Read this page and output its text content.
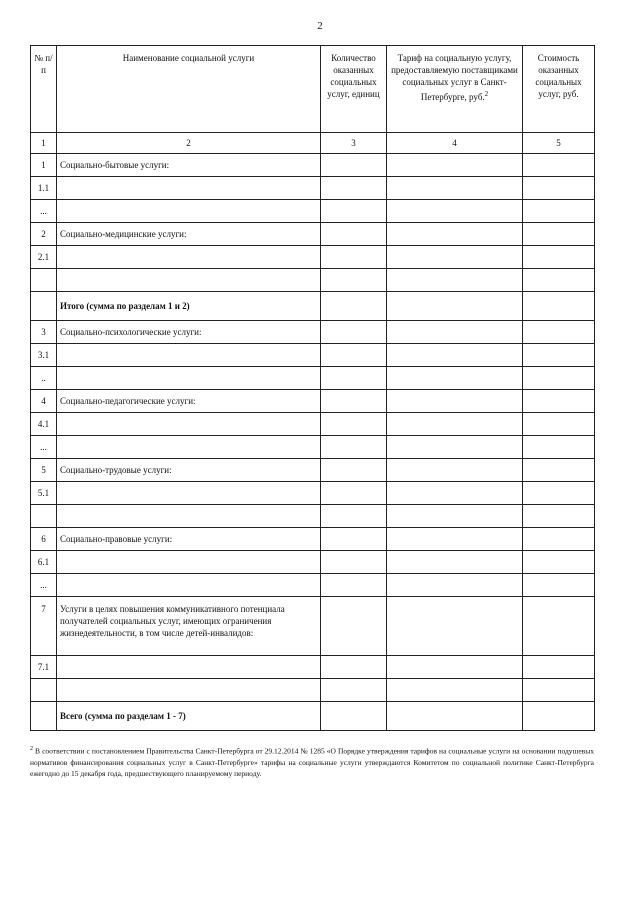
2
№ п/п	Наименование социальной услуги	Количество оказанных социальных услуг, единиц	Тариф на социальную услугу, предоставляемую поставщиками социальных услуг в Санкт-Петербурге, руб.$^2$	Стоимость оказанных социальных услуг, руб.
1	2	3	4	5
1	Социально-бытовые услуги:			
1.1				
...				
2	Социально-медицинские услуги:			
2.1				

	Итого (сумма по разделам 1 и 2)			
3	Социально-психологические услуги:			
3.1				
..				
4	Социально-педагогические услуги:			
4.1				
...				
5	Социально-трудовые услуги:			
5.1				

6	Социально-правовые услуги:			
6.1				
...				
7	Услуги в целях повышения коммуникативного потенциала получателей социальных услуг, имеющих ограничения жизнедеятельности, в том числе детей-инвалидов:			
7.1				

	Всего (сумма по разделам 1 - 7)			
$^2$ В соответствии с постановлением Правительства Санкт-Петербурга от 29.12.2014 № 1285 «О Порядке утверждения тарифов на социальные услуги на основании подушевых нормативов финансирования социальных услуг в Санкт-Петербурге» тарифы на социальные услуги утверждаются Комитетом по социальной политике Санкт-Петербурга ежегодно до 15 декабря года, предшествующего планируемому периоду.
